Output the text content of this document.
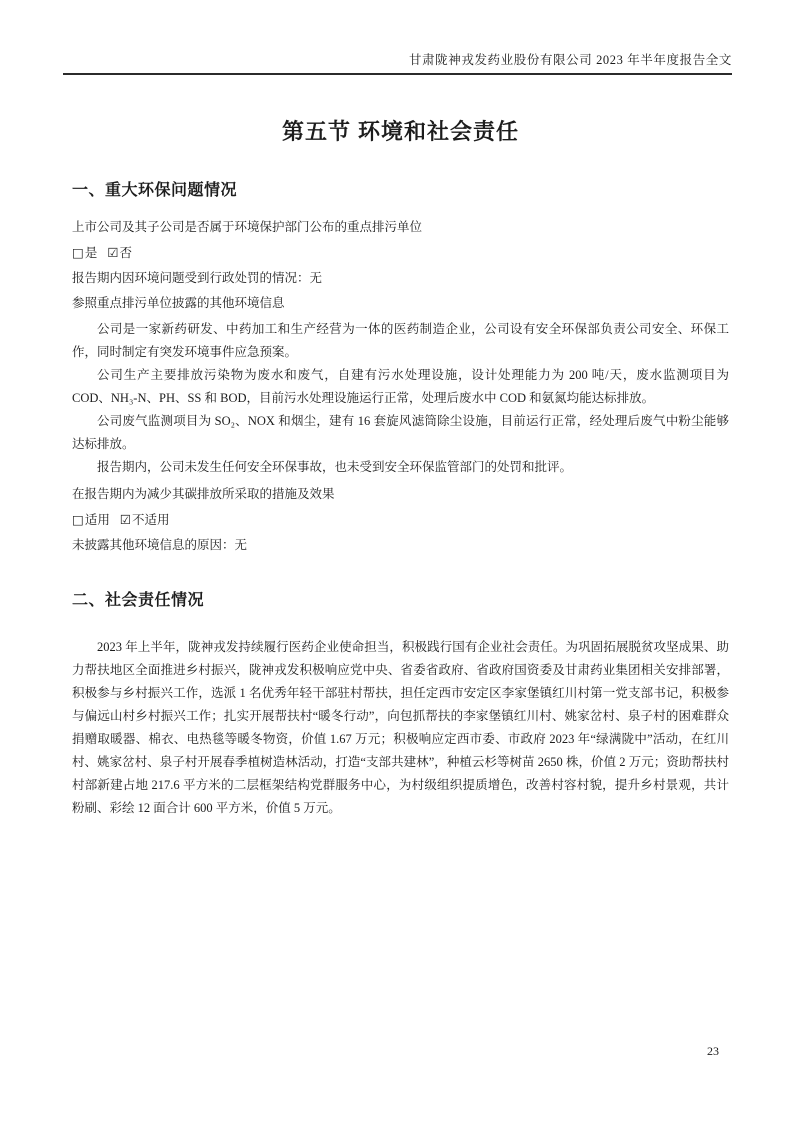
甘肃陇神戎发药业股份有限公司 2023 年半年度报告全文
第五节 环境和社会责任
一、重大环保问题情况

上市公司及其子公司是否属于环境保护部门公布的重点排污单位

□是 ☑否

报告期内因环境问题受到行政处罚的情况：无

参照重点排污单位披露的其他环境信息

公司是一家新药研发、中药加工和生产经营为一体的医药制造企业，公司设有安全环保部负责公司安全、环保工作，同时制定有突发环境事件应急预案。

公司生产主要排放污染物为废水和废气，自建有污水处理设施，设计处理能力为 200 吨/天，废水监测项目为 COD、NH₃-N、PH、SS 和 BOD，目前污水处理设施运行正常，处理后废水中 COD 和氨氮均能达标排放。

公司废气监测项目为 SO₂、NOX 和烟尘，建有 16 套旋风滤筒除尘设施，目前运行正常，经处理后废气中粉尘能够达标排放。

报告期内，公司未发生任何安全环保事故，也未受到安全环保监管部门的处罚和批评。

在报告期内为减少其碳排放所采取的措施及效果

□适用 ☑不适用

未披露其他环境信息的原因：无

二、社会责任情况

2023 年上半年，陇神戎发持续履行医药企业使命担当，积极践行国有企业社会责任。为巩固拓展脱贫攻坚成果、助力帮扶地区全面推进乡村振兴，陇神戎发积极响应党中央、省委省政府、省政府国资委及甘肃药业集团相关安排部署，积极参与乡村振兴工作，选派 1 名优秀年轻干部驻村帮扶，担任定西市安定区李家堡镇红川村第一党支部书记，积极参与偏远山村乡村振兴工作；扎实开展帮扶村“暖冬行动”，向包抓帮扶的李家堡镇红川村、姚家岔村、泉子村的困难群众捐赠取暖器、棉衣、电热毯等暖冬物资，价值 1.67 万元；积极响应定西市委、市政府 2023 年“绿满陇中”活动，在红川村、姚家岔村、泉子村开展春季植树造林活动，打造“支部共建林”，种植云杉等树苗 2650 株，价值 2 万元；资助帮扶村村部新建占地 217.6 平方米的二层框架结构党群服务中心，为村级组织提质增色，改善村容村貌，提升乡村景观，共计粉刷、彩绘 12 面合计 600 平方米，价值 5 万元。

23
